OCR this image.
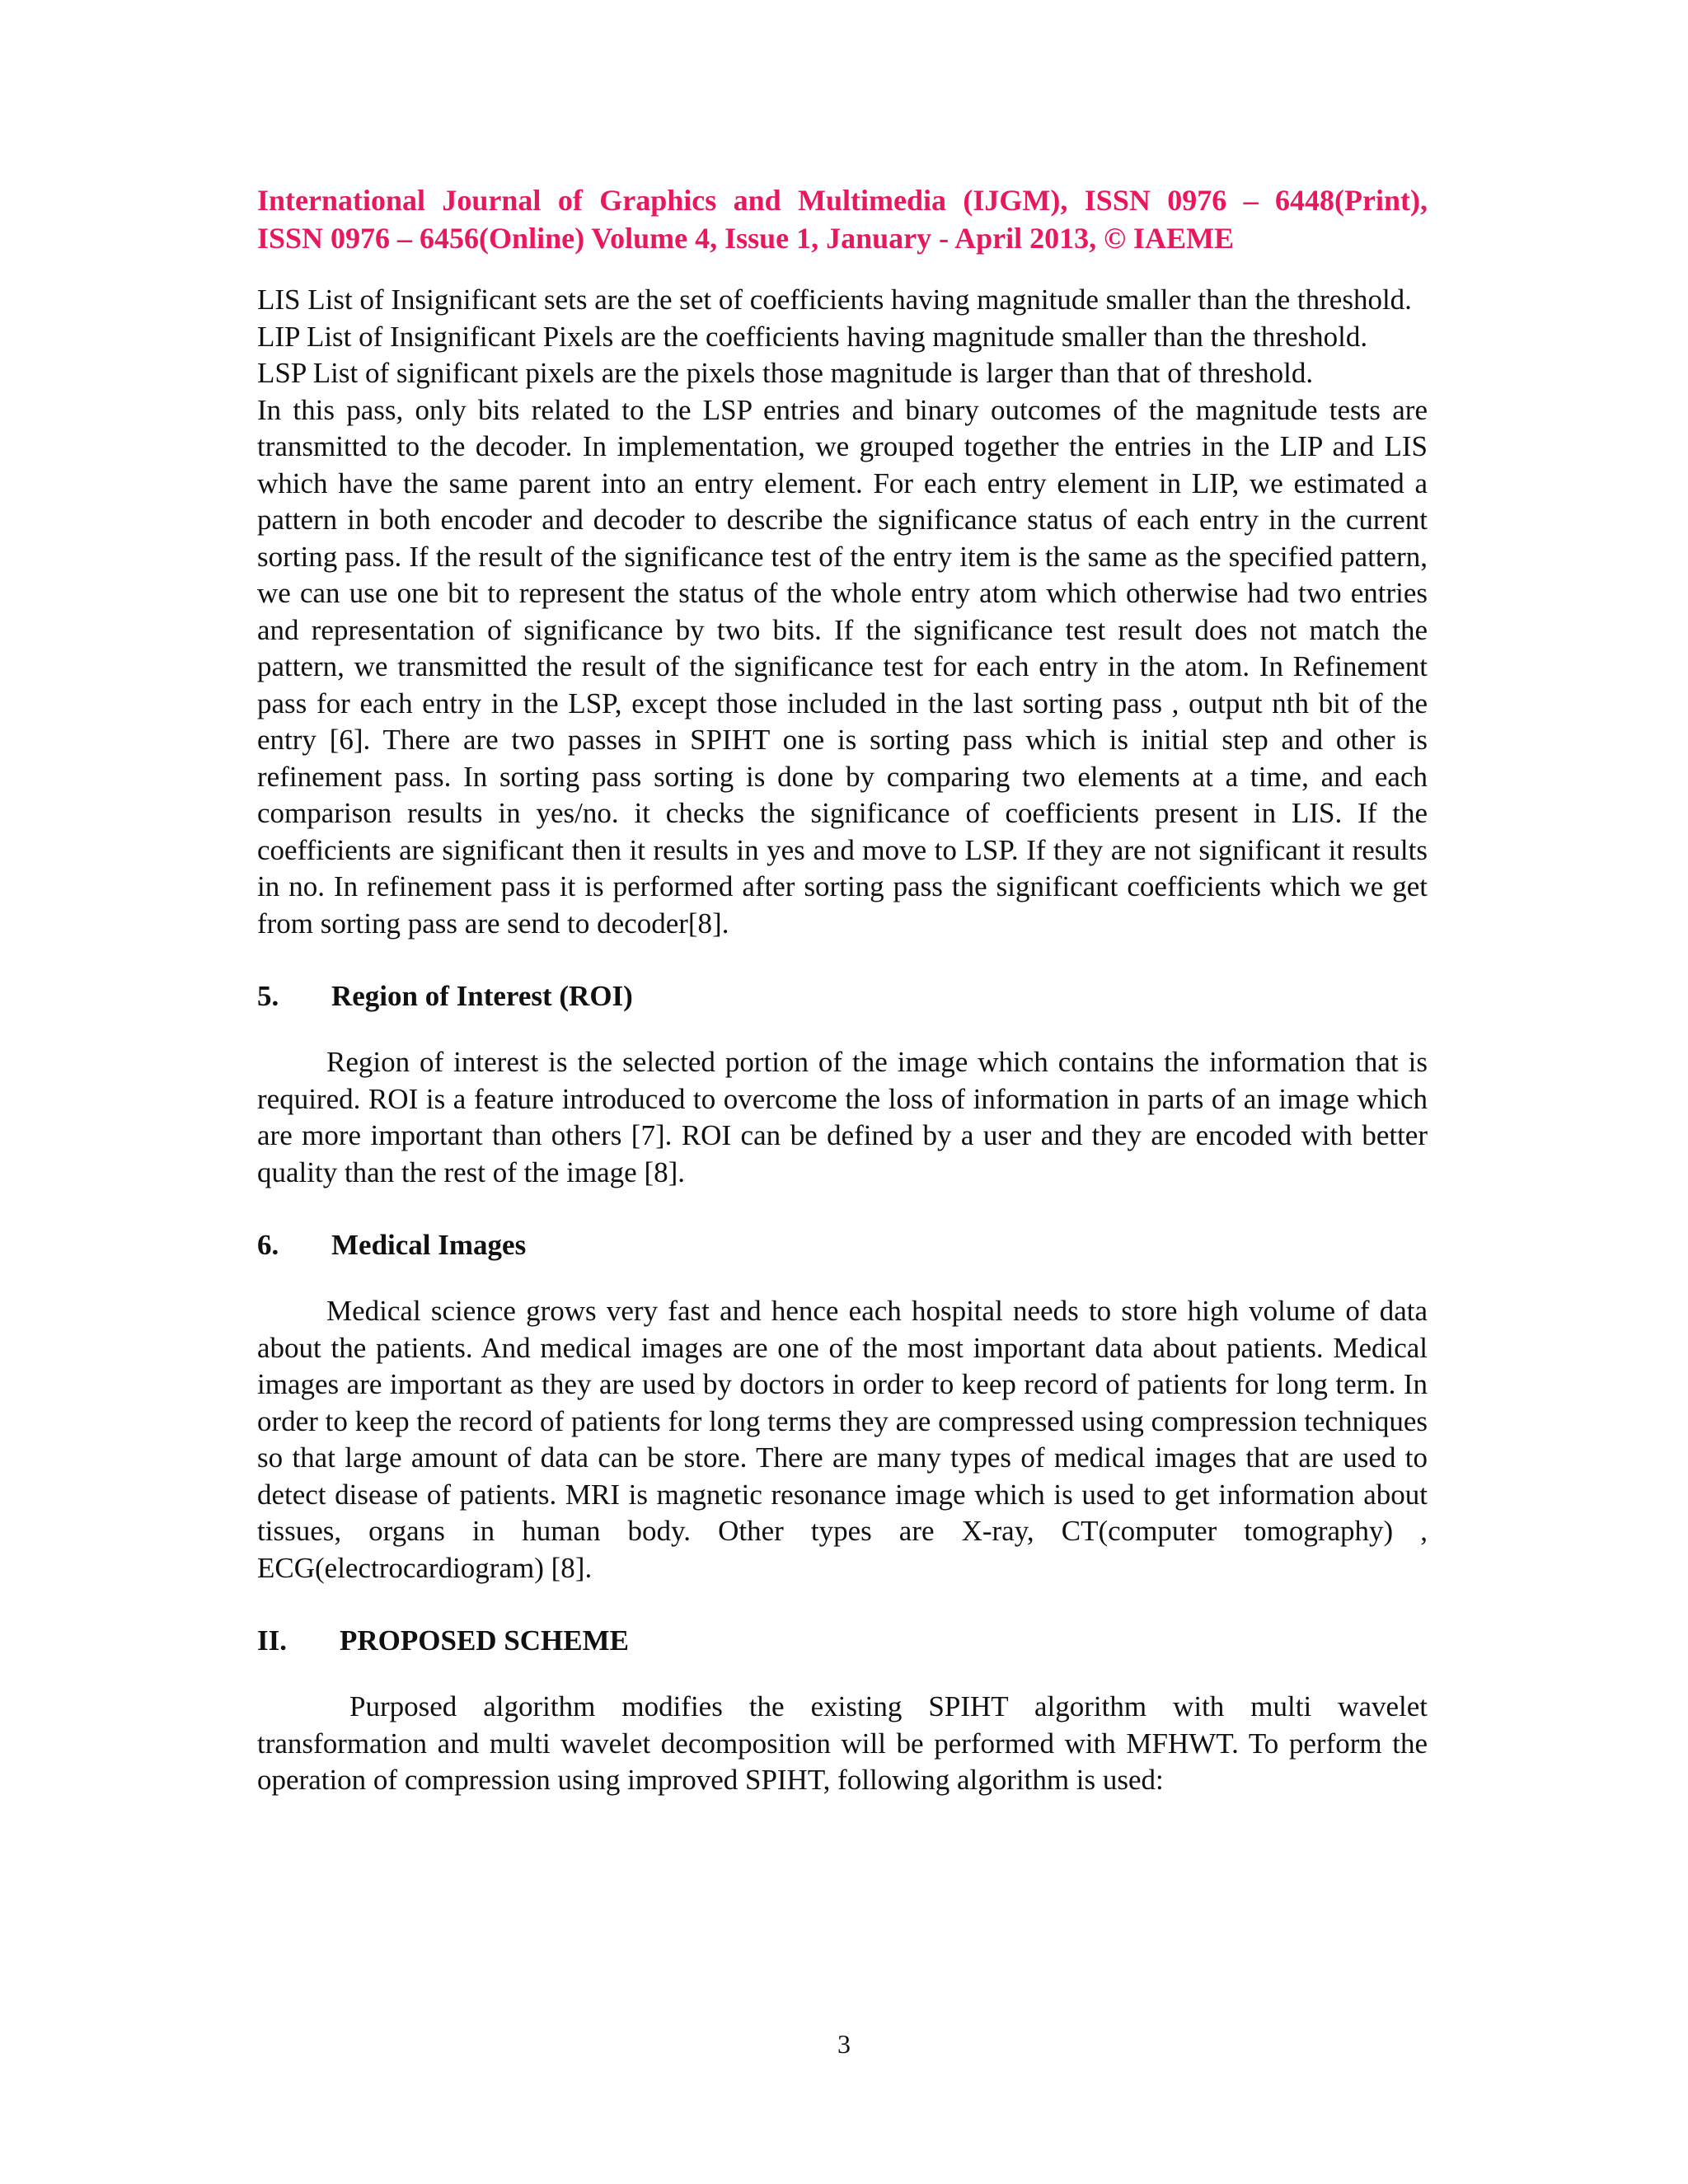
International Journal of Graphics and Multimedia (IJGM), ISSN 0976 – 6448(Print),
ISSN 0976 – 6456(Online) Volume 4, Issue 1, January - April 2013, © IAEME

LIS List of Insignificant sets are the set of coefficients having magnitude smaller than the threshold.

LIP List of Insignificant Pixels are the coefficients having magnitude smaller than the threshold.

LSP List of significant pixels are the pixels those magnitude is larger than that of threshold.

In this pass, only bits related to the LSP entries and binary outcomes of the magnitude tests are transmitted to the decoder. In implementation, we grouped together the entries in the LIP and LIS which have the same parent into an entry element. For each entry element in LIP, we estimated a pattern in both encoder and decoder to describe the significance status of each entry in the current sorting pass. If the result of the significance test of the entry item is the same as the specified pattern, we can use one bit to represent the status of the whole entry atom which otherwise had two entries and representation of significance by two bits. If the significance test result does not match the pattern, we transmitted the result of the significance test for each entry in the atom. In Refinement pass for each entry in the LSP, except those included in the last sorting pass , output nth bit of the entry [6]. There are two passes in SPIHT one is sorting pass which is initial step and other is refinement pass. In sorting pass sorting is done by comparing two elements at a time, and each comparison results in yes/no. it checks the significance of coefficients present in LIS. If the coefficients are significant then it results in yes and move to LSP. If they are not significant it results in no. In refinement pass it is performed after sorting pass the significant coefficients which we get from sorting pass are send to decoder[8].

5.	Region of Interest (ROI)

Region of interest is the selected portion of the image which contains the information that is required. ROI is a feature introduced to overcome the loss of information in parts of an image which are more important than others [7]. ROI can be defined by a user and they are encoded with better quality than the rest of the image [8].

6.	Medical Images

Medical science grows very fast and hence each hospital needs to store high volume of data about the patients. And medical images are one of the most important data about patients. Medical images are important as they are used by doctors in order to keep record of patients for long term. In order to keep the record of patients for long terms they are compressed using compression techniques so that large amount of data can be store. There are many types of medical images that are used to detect disease of patients. MRI is magnetic resonance image which is used to get information about tissues, organs in human body. Other types are X-ray, CT(computer tomography) , ECG(electrocardiogram) [8].

II.	PROPOSED SCHEME

Purposed algorithm modifies the existing SPIHT algorithm with multi wavelet transformation and multi wavelet decomposition will be performed with MFHWT. To perform the operation of compression using improved SPIHT, following algorithm is used:

3
